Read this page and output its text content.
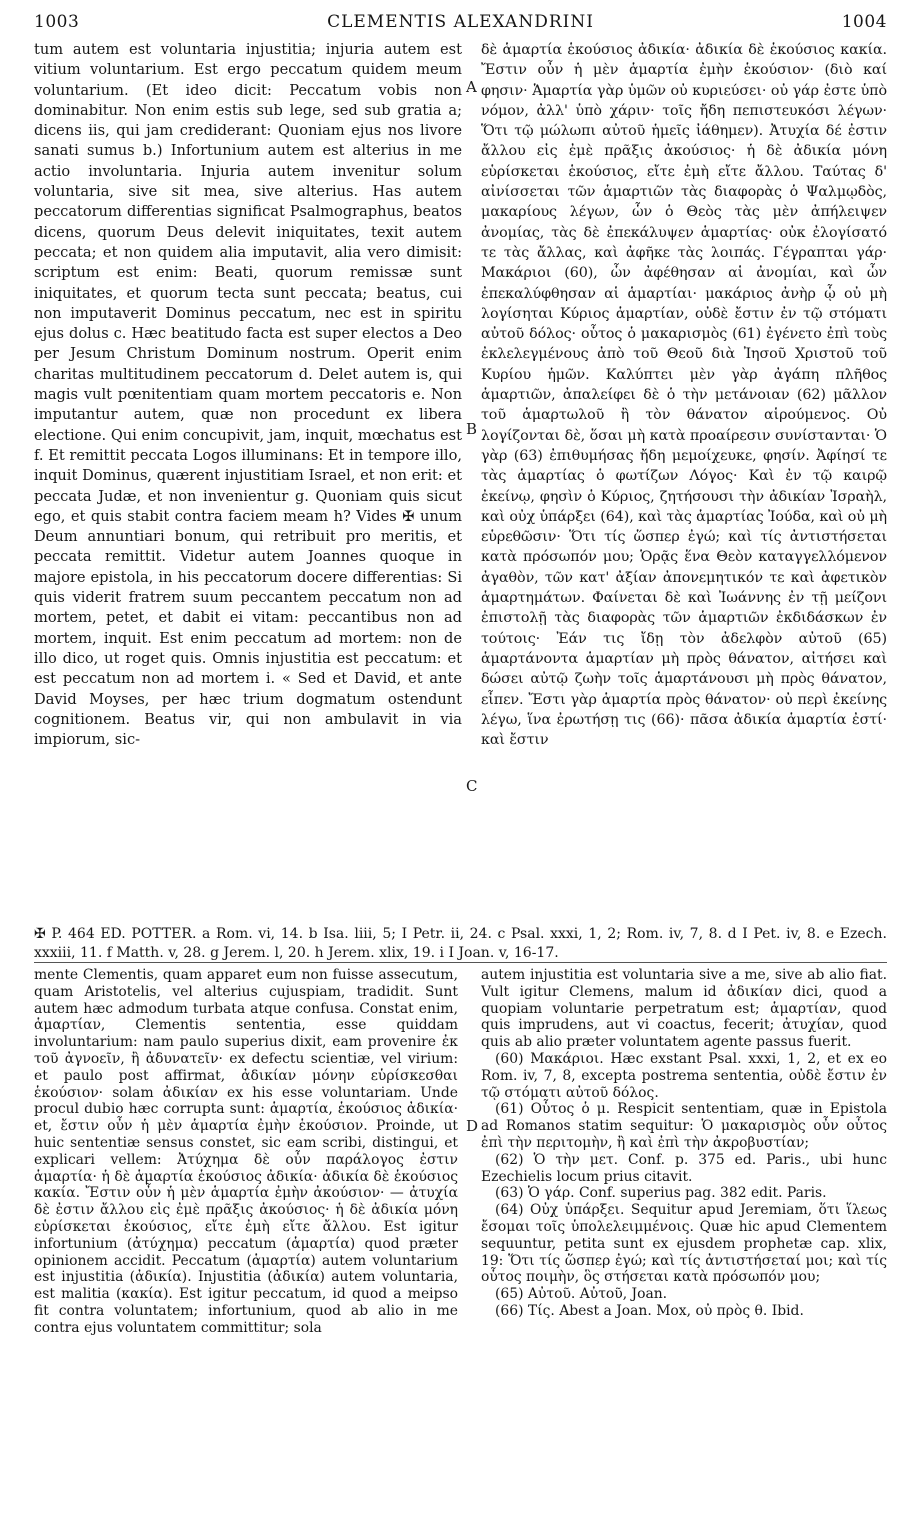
1003	CLEMENTIS ALEXANDRINI	1004

tum autem est voluntaria injustitia; injuria autem est vitium voluntarium. Est ergo peccatum quidem meum voluntarium. (Et ideo dicit: Peccatum vobis non dominabitur. Non enim estis sub lege, sed sub gratia a; dicens iis, qui jam crediderant: Quoniam ejus nos livore sanati sumus b.) Infortunium autem est alterius in me actio involuntaria. Injuria autem invenitur solum voluntaria, sive sit mea, sive alterius. Has autem peccatorum differentias significat Psalmographus, beatos dicens, quorum Deus delevit iniquitates, texit autem peccata; et non quidem alia imputavit, alia vero dimisit: scriptum est enim: Beati, quorum remissæ sunt iniquitates, et quorum tecta sunt peccata; beatus, cui non imputaverit Dominus peccatum, nec est in spiritu ejus dolus c. Hæc beatitudo facta est super electos a Deo per Jesum Christum Dominum nostrum. Operit enim charitas multitudinem peccatorum d. Delet autem is, qui magis vult pœnitentiam quam mortem peccatoris e. Non imputantur autem, quæ non procedunt ex libera electione. Qui enim concupivit, jam, inquit, mœchatus est f. Et remittit peccata Logos illuminans: Et in tempore illo, inquit Dominus, quærent injustitiam Israel, et non erit: et peccata Judæ, et non invenientur g. Quoniam quis sicut ego, et quis stabit contra faciem meam h? Vides ✠ unum Deum annuntiari bonum, qui retribuit pro meritis, et peccata remittit. Videtur autem Joannes quoque in majore epistola, in his peccatorum docere differentias: Si quis viderit fratrem suum peccantem peccatum non ad mortem, petet, et dabit ei vitam: peccantibus non ad mortem, inquit. Est enim peccatum ad mortem: non de illo dico, ut roget quis. Omnis injustitia est peccatum: et est peccatum non ad mortem i. « Sed et David, et ante David Moyses, per hæc trium dogmatum ostendunt cognitionem. Beatus vir, qui non ambulavit in via impiorum, sic-

δὲ ἁμαρτία ἑκούσιος ἀδικία· ἀδικία δὲ ἑκούσιος κακία. Ἔστιν οὖν ἡ μὲν ἁμαρτία ἐμὴν ἑκούσιον· (διὸ καί φησιν· Ἁμαρτία γὰρ ὑμῶν οὐ κυριεύσει· οὐ γάρ ἐστε ὑπὸ νόμον, ἀλλ' ὑπὸ χάριν· τοῖς ἤδη πεπιστευκόσι λέγων· Ὅτι τῷ μώλωπι αὐτοῦ ἡμεῖς ἰάθημεν). Ἀτυχία δέ ἐστιν ἄλλου εἰς ἐμὲ πρᾶξις ἀκούσιος· ἡ δὲ ἀδικία μόνη εὑρίσκεται ἑκούσιος, εἴτε ἐμὴ εἴτε ἄλλου. Ταύτας δ' αἰνίσσεται τῶν ἁμαρτιῶν τὰς διαφορὰς ὁ Ψαλμῳδὸς, μακαρίους λέγων, ὧν ὁ Θεὸς τὰς μὲν ἀπήλειψεν ἀνομίας, τὰς δὲ ἐπεκάλυψεν ἁμαρτίας· οὐκ ἐλογίσατό τε τὰς ἄλλας, καὶ ἀφῆκε τὰς λοιπάς. Γέγραπται γάρ· Μακάριοι (60), ὧν ἀφέθησαν αἱ ἀνομίαι, καὶ ὧν ἐπεκαλύφθησαν αἱ ἁμαρτίαι· μακάριος ἀνὴρ ᾧ οὐ μὴ λογίσηται Κύριος ἁμαρτίαν, οὐδὲ ἔστιν ἐν τῷ στόματι αὐτοῦ δόλος· οὗτος ὁ μακαρισμὸς (61) ἐγένετο ἐπὶ τοὺς ἐκλελεγμένους ἀπὸ τοῦ Θεοῦ διὰ Ἰησοῦ Χριστοῦ τοῦ Κυρίου ἡμῶν. Καλύπτει μὲν γὰρ ἀγάπη πλῆθος ἁμαρτιῶν, ἀπαλείφει δὲ ὁ τὴν μετάνοιαν (62) μᾶλλον τοῦ ἁμαρτωλοῦ ἢ τὸν θάνατον αἱρούμενος. Οὐ λογίζονται δὲ, ὅσαι μὴ κατὰ προαίρεσιν συνίστανται· Ὁ γὰρ (63) ἐπιθυμήσας ἤδη μεμοίχευκε, φησίν. Ἀφίησί τε τὰς ἁμαρτίας ὁ φωτίζων Λόγος· Καὶ ἐν τῷ καιρῷ ἐκείνῳ, φησὶν ὁ Κύριος, ζητήσουσι τὴν ἀδικίαν Ἰσραὴλ, καὶ οὐχ ὑπάρξει (64), καὶ τὰς ἁμαρτίας Ἰούδα, καὶ οὐ μὴ εὑρεθῶσιν· Ὅτι τίς ὥσπερ ἐγώ; καὶ τίς ἀντιστήσεται κατὰ πρόσωπόν μου; Ὁρᾷς ἕνα Θεὸν καταγγελλόμενον ἀγαθὸν, τῶν κατ' ἀξίαν ἀπονεμητικόν τε καὶ ἀφετικὸν ἁμαρτημάτων. Φαίνεται δὲ καὶ Ἰωάννης ἐν τῇ μείζονι ἐπιστολῇ τὰς διαφορὰς τῶν ἁμαρτιῶν ἐκδιδάσκων ἐν τούτοις· Ἐάν τις ἴδῃ τὸν ἀδελφὸν αὐτοῦ (65) ἁμαρτάνοντα ἁμαρτίαν μὴ πρὸς θάνατον, αἰτήσει καὶ δώσει αὐτῷ ζωὴν τοῖς ἁμαρτάνουσι μὴ πρὸς θάνατον, εἶπεν. Ἔστι γὰρ ἁμαρτία πρὸς θάνατον· οὐ περὶ ἐκείνης λέγω, ἵνα ἐρωτήσῃ τις (66)· πᾶσα ἀδικία ἁμαρτία ἐστί· καὶ ἔστιν

A
B
C
D

✠ P. 464 ED. POTTER. a Rom. vi, 14. b Isa. liii, 5; I Petr. ii, 24. c Psal. xxxi, 1, 2; Rom. iv, 7, 8. d I Pet. iv, 8. e Ezech. xxxiii, 11. f Matth. v, 28. g Jerem. l, 20. h Jerem. xlix, 19. i I Joan. v, 16-17.

mente Clementis, quam apparet eum non fuisse assecutum, quam Aristotelis, vel alterius cujuspiam, tradidit. Sunt autem hæc admodum turbata atque confusa. Constat enim, ἁμαρτίαν, Clementis sententia, esse quiddam involuntarium: nam paulo superius dixit, eam provenire ἐκ τοῦ ἀγνοεῖν, ἢ ἀδυνατεῖν· ex defectu scientiæ, vel virium: et paulo post affirmat, ἀδικίαν μόνην εὑρίσκεσθαι ἑκούσιον· solam ἀδικίαν ex his esse voluntariam. Unde procul dubio hæc corrupta sunt: ἁμαρτία, ἑκούσιος ἀδικία· et, ἔστιν οὖν ἡ μὲν ἁμαρτία ἐμὴν ἑκούσιον. Proinde, ut huic sententiæ sensus constet, sic eam scribi, distingui, et explicari vellem: Ἀτύχημα δὲ οὖν παράλογος ἐστιν ἁμαρτία· ἡ δὲ ἁμαρτία ἑκούσιος ἀδικία· ἀδικία δὲ ἑκούσιος κακία. Ἔστιν οὖν ἡ μὲν ἁμαρτία ἐμὴν ἀκούσιον· — ἀτυχία δὲ ἐστιν ἄλλου εἰς ἐμὲ πρᾶξις ἀκούσιος· ἡ δὲ ἀδικία μόνη εὑρίσκεται ἑκούσιος, εἴτε ἐμὴ εἴτε ἄλλου. Est igitur infortunium (ἀτύχημα) peccatum (ἁμαρτία) quod præter opinionem accidit. Peccatum (ἁμαρτία) autem voluntarium est injustitia (ἀδικία). Injustitia (ἀδικία) autem voluntaria, est malitia (κακία). Est igitur peccatum, id quod a meipso fit contra voluntatem; infortunium, quod ab alio in me contra ejus voluntatem committitur; sola

autem injustitia est voluntaria sive a me, sive ab alio fiat. Vult igitur Clemens, malum id ἀδικίαν dici, quod a quopiam voluntarie perpetratum est; ἁμαρτίαν, quod quis imprudens, aut vi coactus, fecerit; ἀτυχίαν, quod quis ab alio præter voluntatem agente passus fuerit.

(60) Μακάριοι. Hæc exstant Psal. xxxi, 1, 2, et ex eo Rom. iv, 7, 8, excepta postrema sententia, οὐδὲ ἔστιν ἐν τῷ στόματι αὐτοῦ δόλος.

(61) Οὗτος ὁ μ. Respicit sententiam, quæ in Epistola ad Romanos statim sequitur: Ὁ μακαρισμὸς οὖν οὗτος ἐπὶ τὴν περιτομὴν, ἢ καὶ ἐπὶ τὴν ἀκροβυστίαν;

(62) Ὁ τὴν μετ. Conf. p. 375 ed. Paris., ubi hunc Ezechielis locum prius citavit.

(63) Ὁ γάρ. Conf. superius pag. 382 edit. Paris.

(64) Οὐχ ὑπάρξει. Sequitur apud Jeremiam, ὅτι ἵλεως ἔσομαι τοῖς ὑπολελειμμένοις. Quæ hic apud Clementem sequuntur, petita sunt ex ejusdem prophetæ cap. xlix, 19: Ὅτι τίς ὥσπερ ἐγώ; καὶ τίς ἀντιστήσεταί μοι; καὶ τίς οὗτος ποιμὴν, ὃς στήσεται κατὰ πρόσωπόν μου;

(65) Αὐτοῦ. Αὐτοῦ, Joan.

(66) Τίς. Abest a Joan. Mox, οὐ πρὸς θ. Ibid.
